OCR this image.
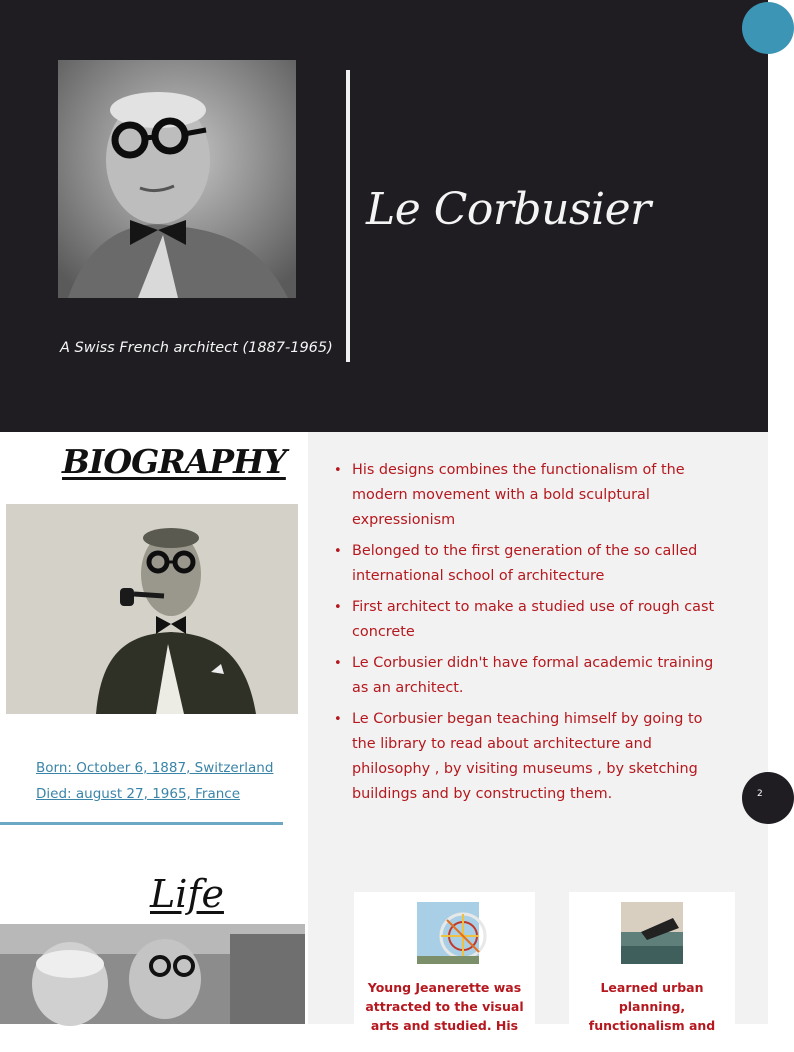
Le Corbusier
A Swiss French architect (1887-1965)
BIOGRAPHY
Born: October 6, 1887, Switzerland
Died: august 27, 1965, France
• His designs combines the functionalism of the modern movement with a bold sculptural expressionism
• Belonged to the first generation of the so called international school of architecture
• First architect to make a studied use of rough cast concrete
• Le Corbusier didn't have formal academic training as an architect.
• Le Corbusier began teaching himself by going to the library to read about architecture and philosophy , by visiting museums , by sketching buildings and by constructing them.	2
Life
Young Jeanerette was attracted to the visual arts and studied. His
Learned urban planning, functionalism and
